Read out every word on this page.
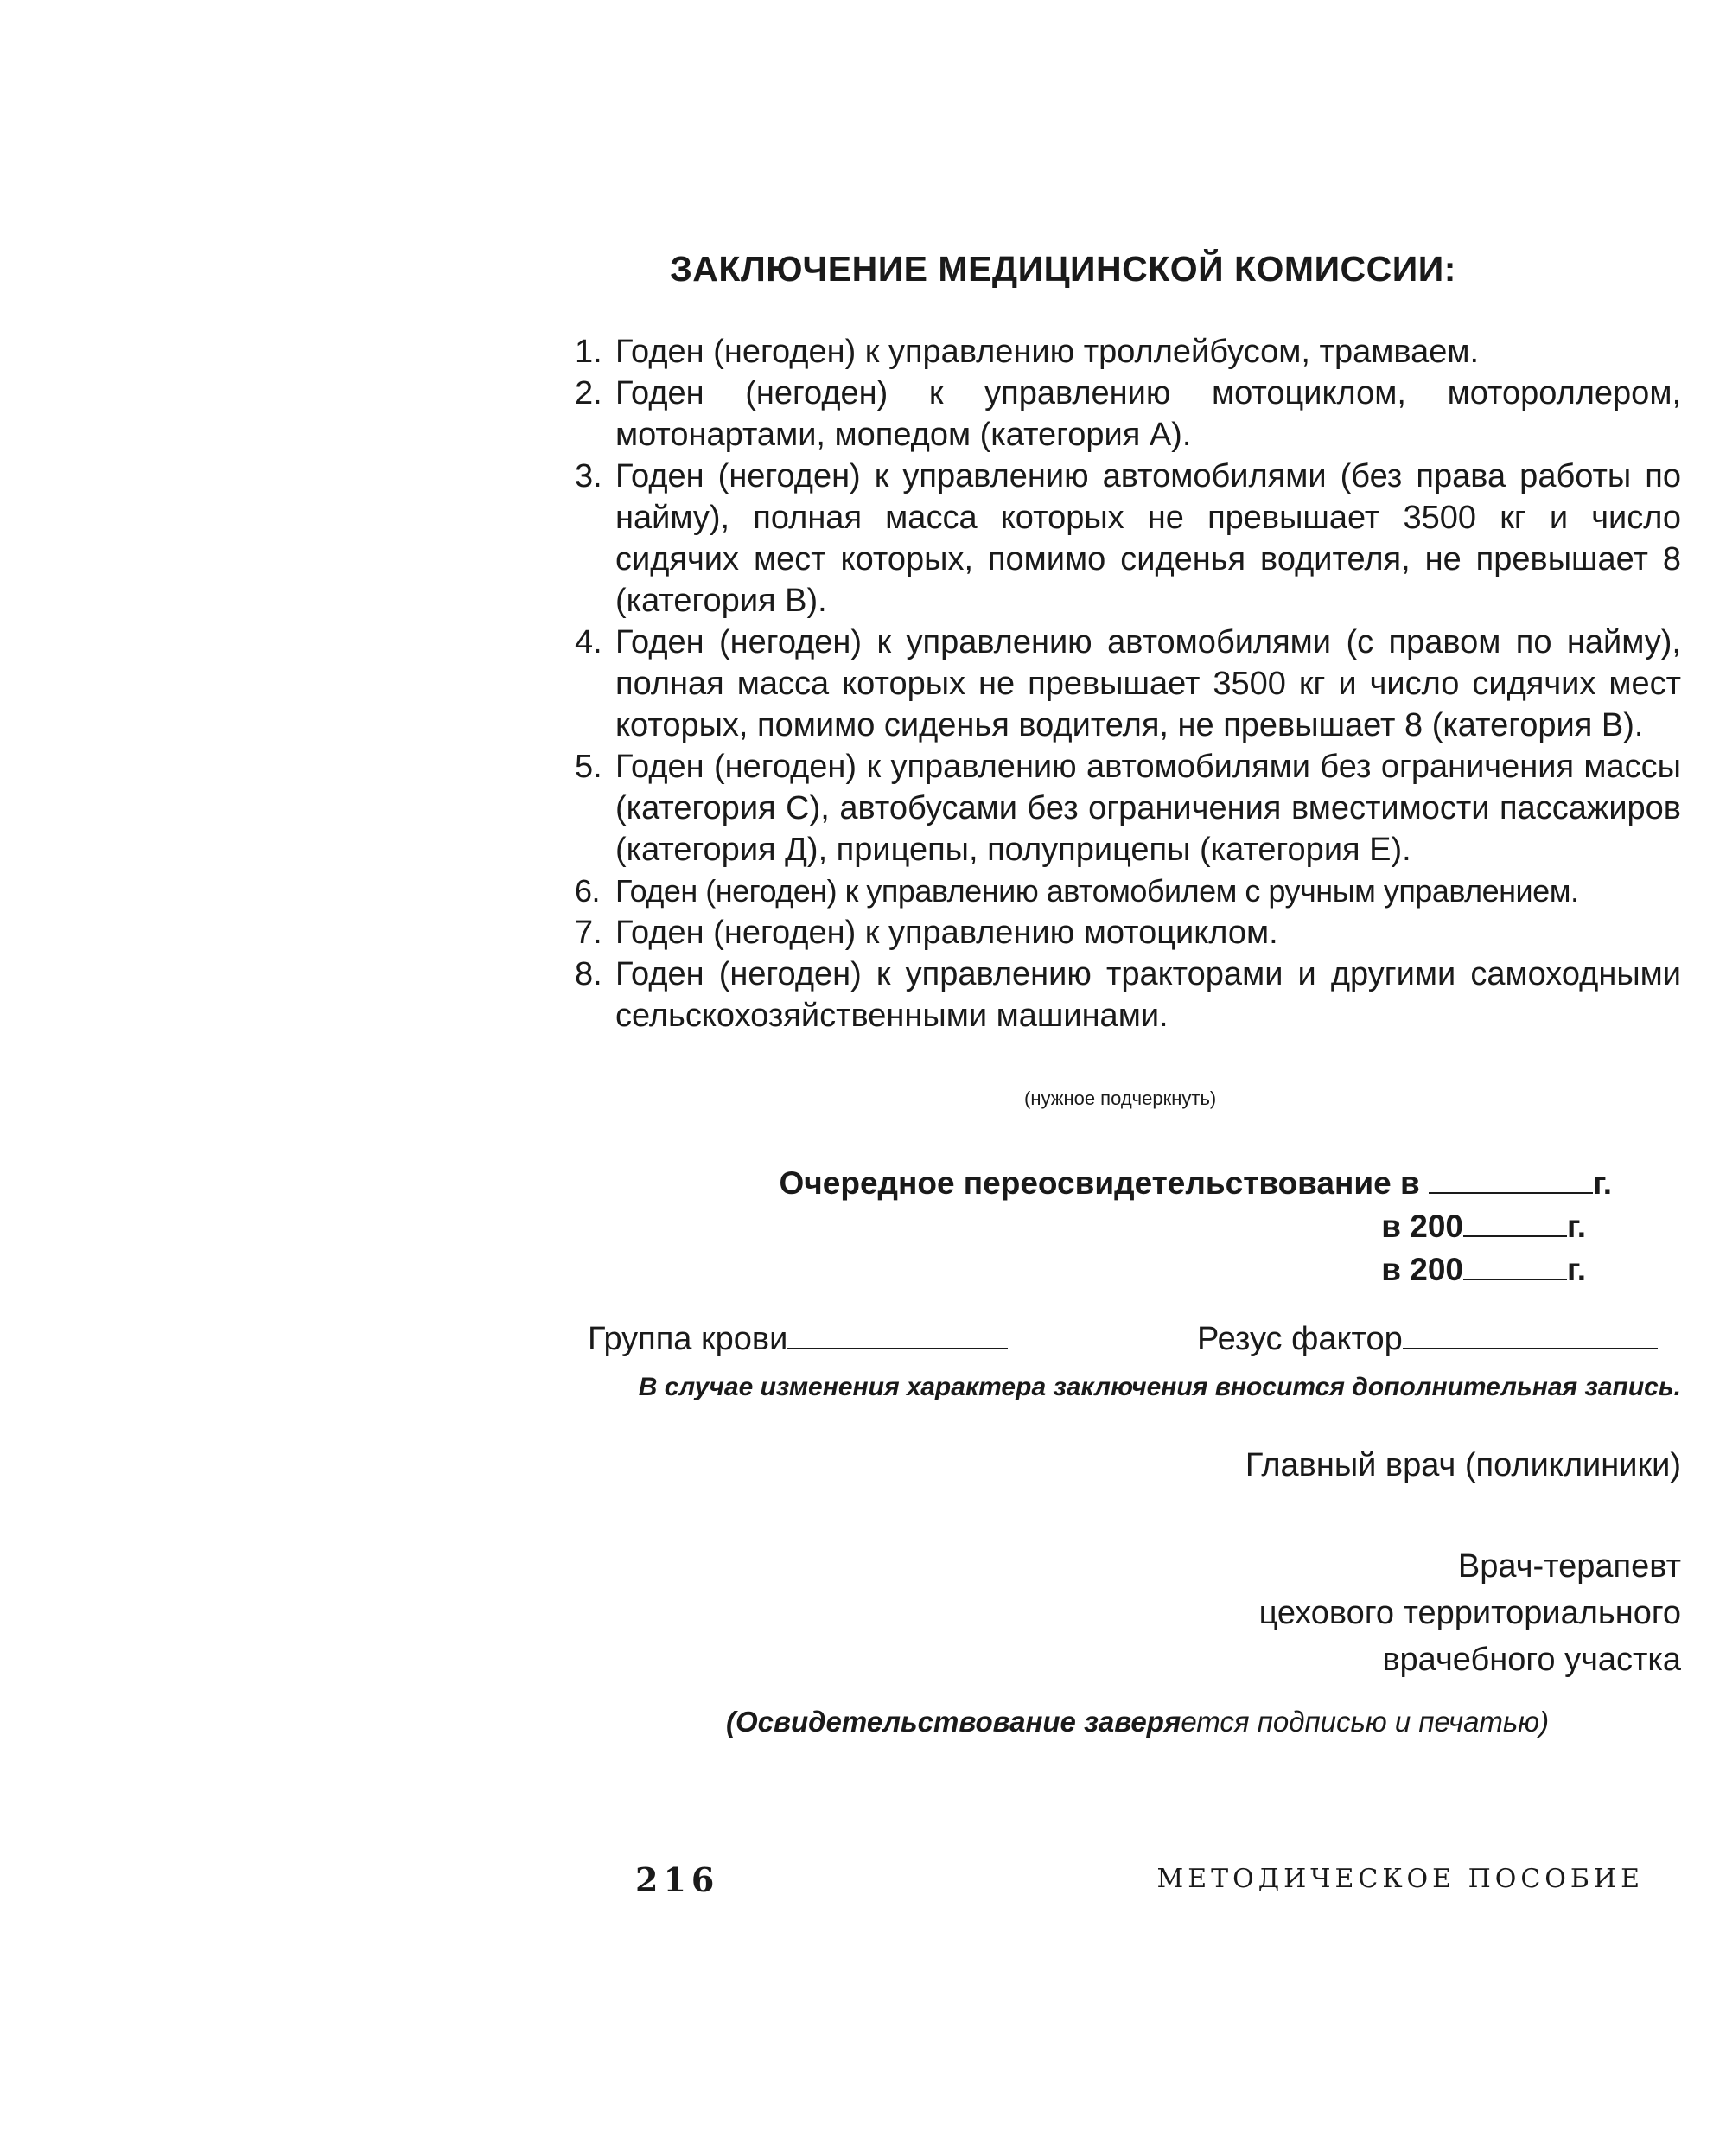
ЗАКЛЮЧЕНИЕ МЕДИЦИНСКОЙ КОМИССИИ:
1. Годен (негоден) к управлению троллейбусом, трамваем.
2. Годен (негоден) к управлению мотоциклом, мотороллером, мотонартами, мопедом (категория А).
3. Годен (негоден) к управлению автомобилями (без права работы по найму), полная масса которых не превышает 3500 кг и число сидячих мест которых, помимо сиденья водителя, не превышает 8 (категория В).
4. Годен (негоден) к управлению автомобилями (с правом по найму), полная масса которых не превышает 3500 кг и число сидячих мест которых, помимо сиденья водителя, не превышает 8 (категория В).
5. Годен (негоден) к управлению автомобилями без ограничения массы (категория С), автобусами без ограничения вместимости пассажиров (категория Д), прицепы, полуприцепы (категория Е).
6. Годен (негоден) к управлению автомобилем с ручным управлением.
7. Годен (негоден) к управлению мотоциклом.
8. Годен (негоден) к управлению тракторами и другими самоходными сельскохозяйственными машинами.
(нужное подчеркнуть)
Очередное переосвидетельствование в	г.
в 200	г.
в 200	г.
Группа крови	Резус фактор
В случае изменения характера заключения вносится дополнительная запись.
Главный врач (поликлиники)
Врач-терапевт
цехового территориального
врачебного участка
(Освидетельствование заверяется подписью и печатью)
216	МЕТОДИЧЕСКОЕ ПОСОБИЕ
